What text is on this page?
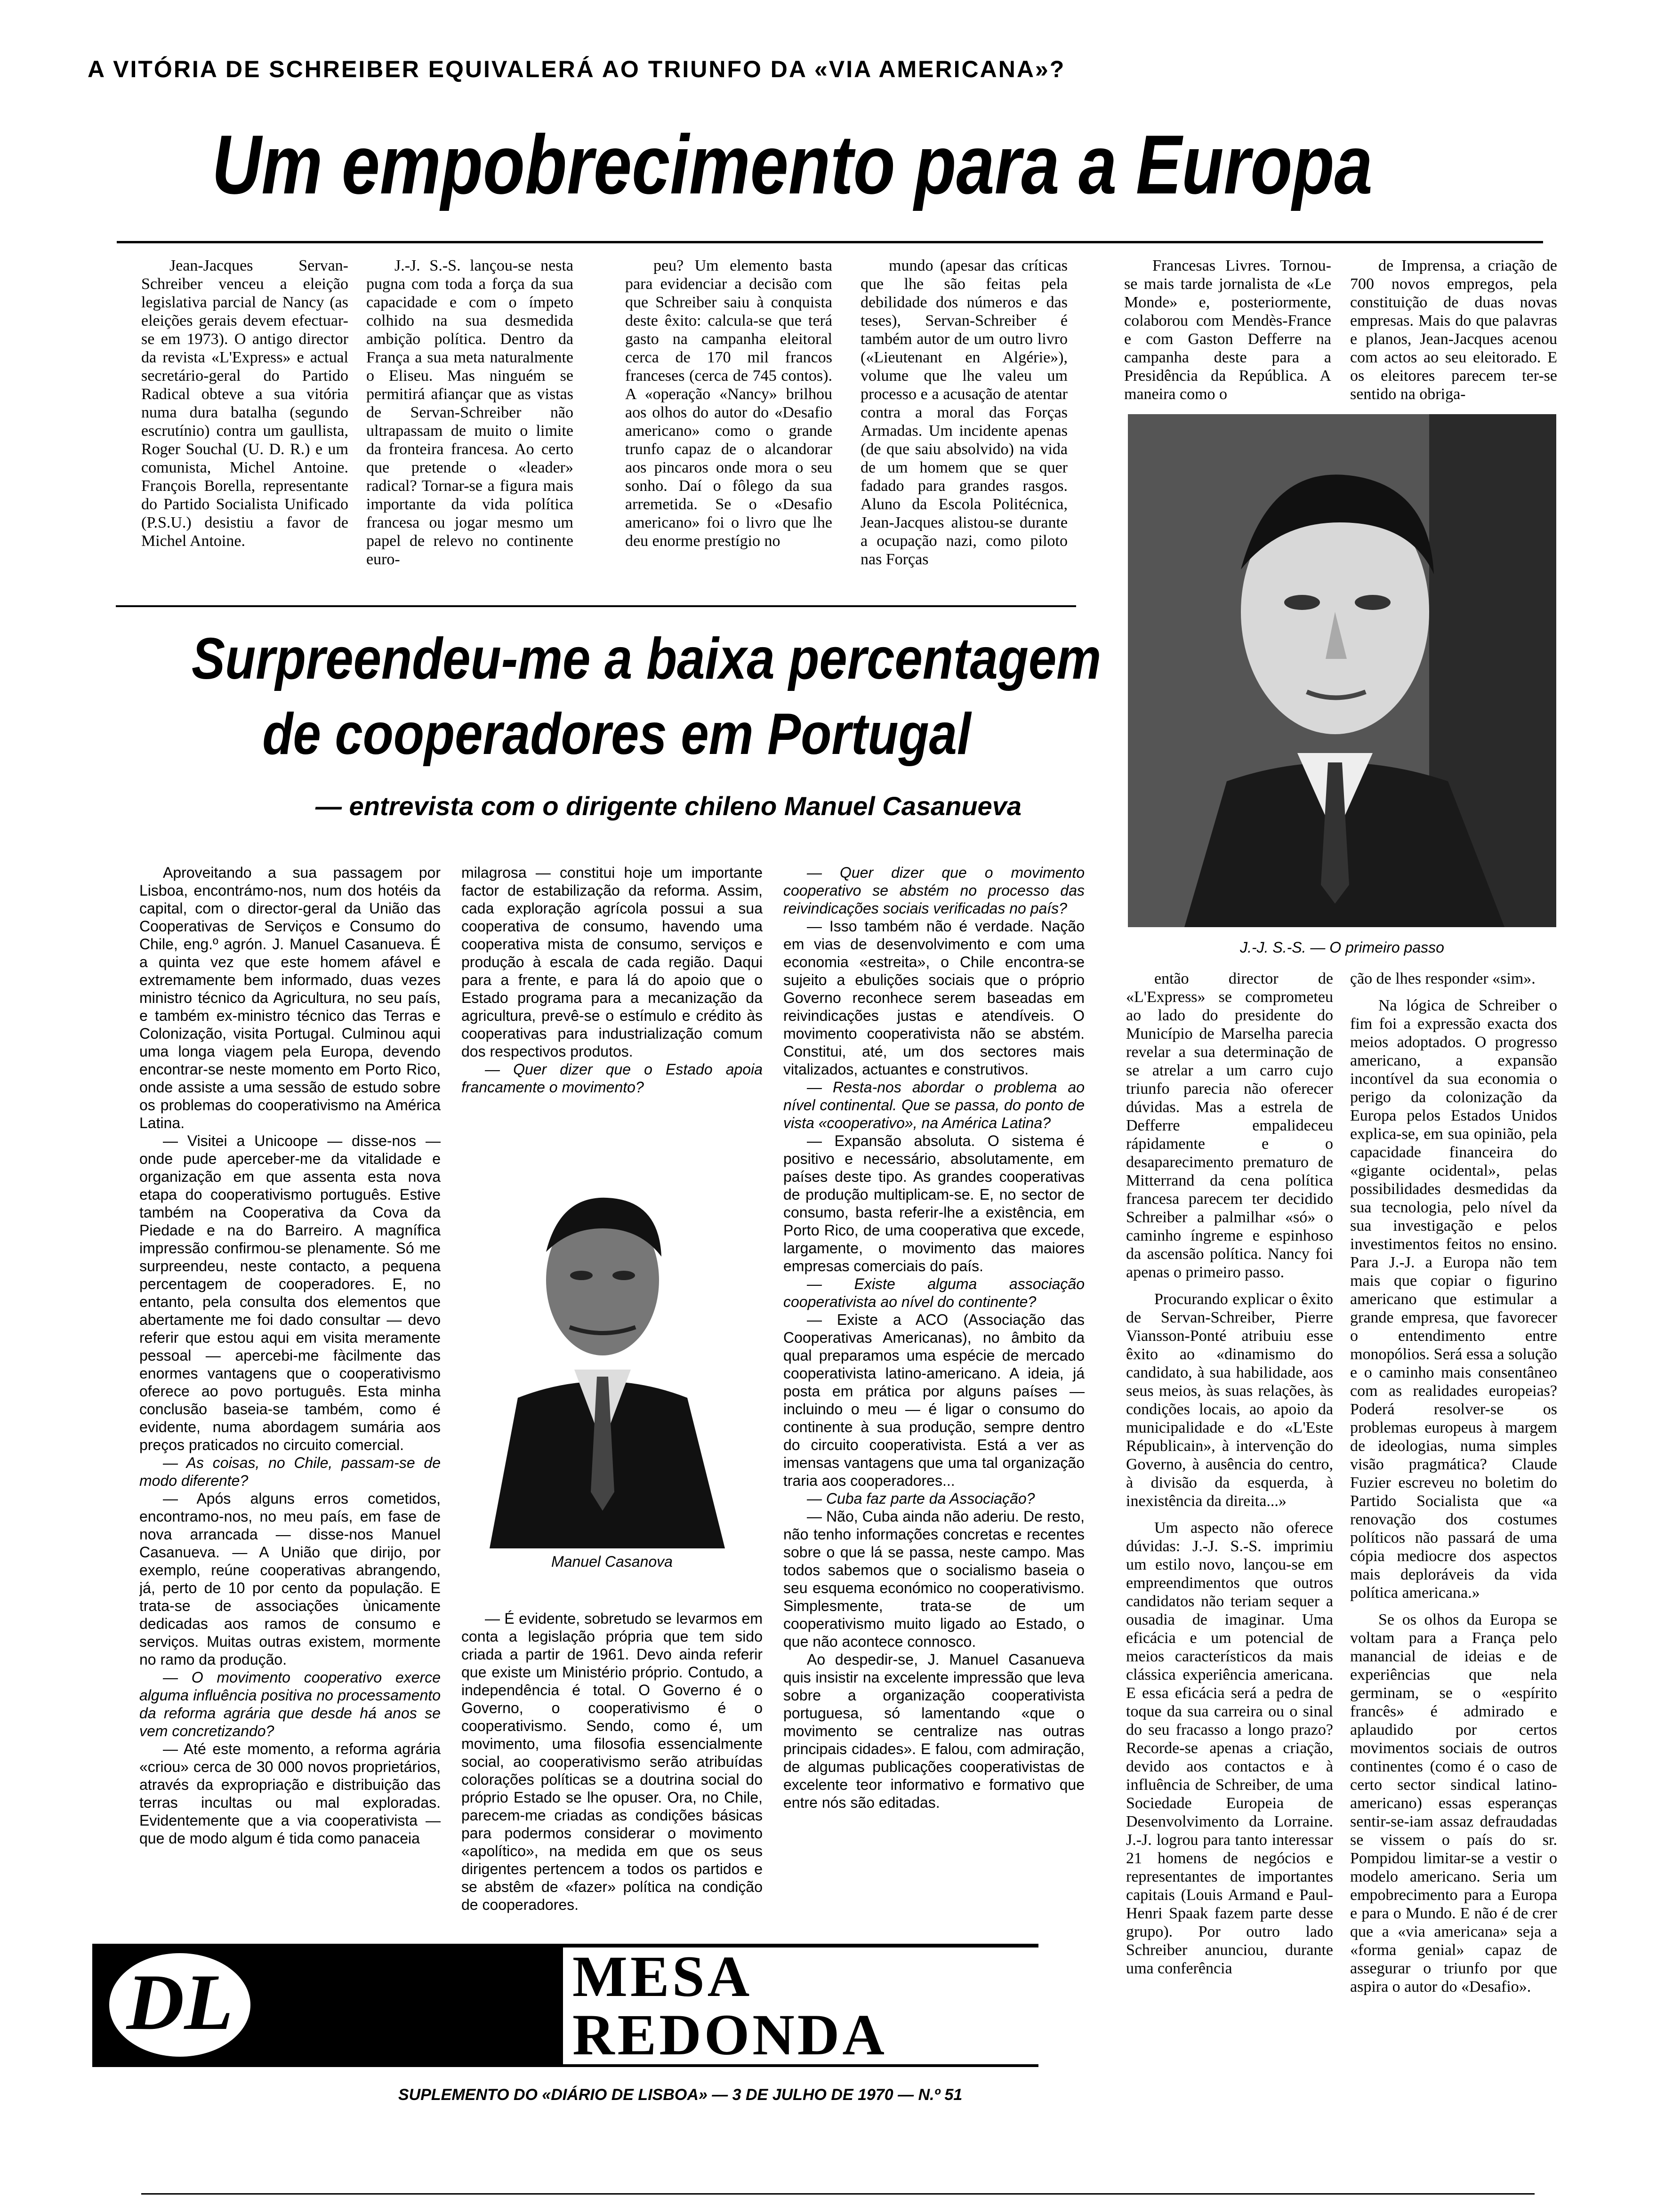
A VITÓRIA DE SCHREIBER EQUIVALERÁ AO TRIUNFO DA «VIA AMERICANA»?
Um empobrecimento para a Europa

Jean-Jacques Servan-Schreiber venceu a eleição legislativa parcial de Nancy (as eleições gerais devem efectuar-se em 1973). O antigo director da revista «L'Express» e actual secretário-geral do Partido Radical obteve a sua vitória numa dura batalha (segundo escrutínio) contra um gaullista, Roger Souchal (U. D. R.) e um comunista, Michel Antoine. François Borella, representante do Partido Socialista Unificado (P.S.U.) desistiu a favor de Michel Antoine.

J.-J. S.-S. lançou-se nesta pugna com toda a força da sua capacidade e com o ímpeto colhido na sua desmedida ambição política. Dentro da França a sua meta naturalmente o Eliseu. Mas ninguém se permitirá afiançar que as vistas de Servan-Schreiber não ultrapassam de muito o limite da fronteira francesa. Ao certo que pretende o «leader» radical? Tornar-se a figura mais importante da vida política francesa ou jogar mesmo um papel de relevo no continente euro-

peu? Um elemento basta para evidenciar a decisão com que Schreiber saiu à conquista deste êxito: calcula-se que terá gasto na campanha eleitoral cerca de 170 mil francos franceses (cerca de 745 contos). A «operação «Nancy» brilhou aos olhos do autor do «Desafio americano» como o grande trunfo capaz de o alcandorar aos pincaros onde mora o seu sonho. Daí o fôlego da sua arremetida. Se o «Desafio americano» foi o livro que lhe deu enorme prestígio no

mundo (apesar das críticas que lhe são feitas pela debilidade dos números e das teses), Servan-Schreiber é também autor de um outro livro («Lieutenant en Algérie»), volume que lhe valeu um processo e a acusação de atentar contra a moral das Forças Armadas. Um incidente apenas (de que saiu absolvido) na vida de um homem que se quer fadado para grandes rasgos. Aluno da Escola Politécnica, Jean-Jacques alistou-se durante a ocupação nazi, como piloto nas Forças

Francesas Livres. Tornou-se mais tarde jornalista de «Le Monde» e, posteriormente, colaborou com Mendès-France e com Gaston Defferre na campanha deste para a Presidência da República. A maneira como o

de Imprensa, a criação de 700 novos empregos, pela constituição de duas novas empresas. Mais do que palavras e planos, Jean-Jacques acenou com actos ao seu eleitorado. E os eleitores parecem ter-se sentido na obriga-

J.-J. S.-S. — O primeiro passo

então director de «L'Express» se comprometeu ao lado do presidente do Município de Marselha parecia revelar a sua determinação de se atrelar a um carro cujo triunfo parecia não oferecer dúvidas. Mas a estrela de Defferre empalideceu rápidamente e o desaparecimento prematuro de Mitterrand da cena política francesa parecem ter decidido Schreiber a palmilhar «só» o caminho íngreme e espinhoso da ascensão política. Nancy foi apenas o primeiro passo.

Procurando explicar o êxito de Servan-Schreiber, Pierre Viansson-Ponté atribuiu esse êxito ao «dinamismo do candidato, à sua habilidade, aos seus meios, às suas relações, às condições locais, ao apoio da municipalidade e do «L'Este Républicain», à intervenção do Governo, à ausência do centro, à divisão da esquerda, à inexistência da direita...»

Um aspecto não oferece dúvidas: J.-J. S.-S. imprimiu um estilo novo, lançou-se em empreendimentos que outros candidatos não teriam sequer a ousadia de imaginar. Uma eficácia e um potencial de meios característicos da mais clássica experiência americana. E essa eficácia será a pedra de toque da sua carreira ou o sinal do seu fracasso a longo prazo? Recorde-se apenas a criação, devido aos contactos e à influência de Schreiber, de uma Sociedade Europeia de Desenvolvimento da Lorraine. J.-J. logrou para tanto interessar 21 homens de negócios e representantes de importantes capitais (Louis Armand e Paul-Henri Spaak fazem parte desse grupo). Por outro lado Schreiber anunciou, durante uma conferência

ção de lhes responder «sim».

Na lógica de Schreiber o fim foi a expressão exacta dos meios adoptados. O progresso americano, a expansão incontível da sua economia o perigo da colonização da Europa pelos Estados Unidos explica-se, em sua opinião, pela capacidade financeira do «gigante ocidental», pelas possibilidades desmedidas da sua tecnologia, pelo nível da sua investigação e pelos investimentos feitos no ensino. Para J.-J. a Europa não tem mais que copiar o figurino americano que estimular a grande empresa, que favorecer o entendimento entre monopólios. Será essa a solução e o caminho mais consentâneo com as realidades europeias? Poderá resolver-se os problemas europeus à margem de ideologias, numa simples visão pragmática? Claude Fuzier escreveu no boletim do Partido Socialista que «a renovação dos costumes políticos não passará de uma cópia mediocre dos aspectos mais deploráveis da vida política americana.»

Se os olhos da Europa se voltam para a França pelo manancial de ideias e de experiências que nela germinam, se o «espírito francês» é admirado e aplaudido por certos movimentos sociais de outros continentes (como é o caso de certo sector sindical latino-americano) essas esperanças sentir-se-iam assaz defraudadas se vissem o país do sr. Pompidou limitar-se a vestir o modelo americano. Seria um empobrecimento para a Europa e para o Mundo. E não é de crer que a «via americana» seja a «forma genial» capaz de assegurar o triunfo por que aspira o autor do «Desafio».

Surpreendeu-me a baixa percentagem
de cooperadores em Portugal
— entrevista com o dirigente chileno Manuel Casanueva

Aproveitando a sua passagem por Lisboa, encontrámo-nos, num dos hotéis da capital, com o director-geral da União das Cooperativas de Serviços e Consumo do Chile, eng.º agrón. J. Manuel Casanueva. É a quinta vez que este homem afável e extremamente bem informado, duas vezes ministro técnico da Agricultura, no seu país, e também ex-ministro técnico das Terras e Colonização, visita Portugal. Culminou aqui uma longa viagem pela Europa, devendo encontrar-se neste momento em Porto Rico, onde assiste a uma sessão de estudo sobre os problemas do cooperativismo na América Latina.

— Visitei a Unicoope — disse-nos — onde pude aperceber-me da vitalidade e organização em que assenta esta nova etapa do cooperativismo português. Estive também na Cooperativa da Cova da Piedade e na do Barreiro. A magnífica impressão confirmou-se plenamente. Só me surpreendeu, neste contacto, a pequena percentagem de cooperadores. E, no entanto, pela consulta dos elementos que abertamente me foi dado consultar — devo referir que estou aqui em visita meramente pessoal — apercebi-me fàcilmente das enormes vantagens que o cooperativismo oferece ao povo português. Esta minha conclusão baseia-se também, como é evidente, numa abordagem sumária aos preços praticados no circuito comercial.

— As coisas, no Chile, passam-se de modo diferente?

— Após alguns erros cometidos, encontramo-nos, no meu país, em fase de nova arrancada — disse-nos Manuel Casanueva. — A União que dirijo, por exemplo, reúne cooperativas abrangendo, já, perto de 10 por cento da população. E trata-se de associações ùnicamente dedicadas aos ramos de consumo e serviços. Muitas outras existem, mormente no ramo da produção.

— O movimento cooperativo exerce alguma influência positiva no processamento da reforma agrária que desde há anos se vem concretizando?

— Até este momento, a reforma agrária «criou» cerca de 30 000 novos proprietários, através da expropriação e distribuição das terras incultas ou mal exploradas. Evidentemente que a via cooperativista — que de modo algum é tida como panaceia

milagrosa — constitui hoje um importante factor de estabilização da reforma. Assim, cada exploração agrícola possui a sua cooperativa de consumo, havendo uma cooperativa mista de consumo, serviços e produção à escala de cada região. Daqui para a frente, e para lá do apoio que o Estado programa para a mecanização da agricultura, prevê-se o estímulo e crédito às cooperativas para industrialização comum dos respectivos produtos.

— Quer dizer que o Estado apoia francamente o movimento?

Manuel Casanova

— É evidente, sobretudo se levarmos em conta a legislação própria que tem sido criada a partir de 1961. Devo ainda referir que existe um Ministério próprio. Contudo, a independência é total. O Governo é o Governo, o cooperativismo é o cooperativismo. Sendo, como é, um movimento, uma filosofia essencialmente social, ao cooperativismo serão atribuídas colorações políticas se a doutrina social do próprio Estado se lhe opuser. Ora, no Chile, parecem-me criadas as condições básicas para podermos considerar o movimento «apolítico», na medida em que os seus dirigentes pertencem a todos os partidos e se abstêm de «fazer» política na condição de cooperadores.

— Quer dizer que o movimento cooperativo se abstém no processo das reivindicações sociais verificadas no país?

— Isso também não é verdade. Nação em vias de desenvolvimento e com uma economia «estreita», o Chile encontra-se sujeito a ebulições sociais que o próprio Governo reconhece serem baseadas em reivindicações justas e atendíveis. O movimento cooperativista não se abstém. Constitui, até, um dos sectores mais vitalizados, actuantes e construtivos.

— Resta-nos abordar o problema ao nível continental. Que se passa, do ponto de vista «cooperativo», na América Latina?

— Expansão absoluta. O sistema é positivo e necessário, absolutamente, em países deste tipo. As grandes cooperativas de produção multiplicam-se. E, no sector de consumo, basta referir-lhe a existência, em Porto Rico, de uma cooperativa que excede, largamente, o movimento das maiores empresas comerciais do país.

— Existe alguma associação cooperativista ao nível do continente?

— Existe a ACO (Associação das Cooperativas Americanas), no âmbito da qual preparamos uma espécie de mercado cooperativista latino-americano. A ideia, já posta em prática por alguns países — incluindo o meu — é ligar o consumo do continente à sua produção, sempre dentro do circuito cooperativista. Está a ver as imensas vantagens que uma tal organização traria aos cooperadores...

— Cuba faz parte da Associação?

— Não, Cuba ainda não aderiu. De resto, não tenho informações concretas e recentes sobre o que lá se passa, neste campo. Mas todos sabemos que o socialismo baseia o seu esquema económico no cooperativismo. Simplesmente, trata-se de um cooperativismo muito ligado ao Estado, o que não acontece connosco.

Ao despedir-se, J. Manuel Casanueva quis insistir na excelente impressão que leva sobre a organização cooperativista portuguesa, só lamentando «que o movimento se centralize nas outras principais cidades». E falou, com admiração, de algumas publicações cooperativistas de excelente teor informativo e formativo que entre nós são editadas.

DL	MESA
REDONDA
SUPLEMENTO DO «DIÁRIO DE LISBOA» — 3 DE JULHO DE 1970 — N.º 51
